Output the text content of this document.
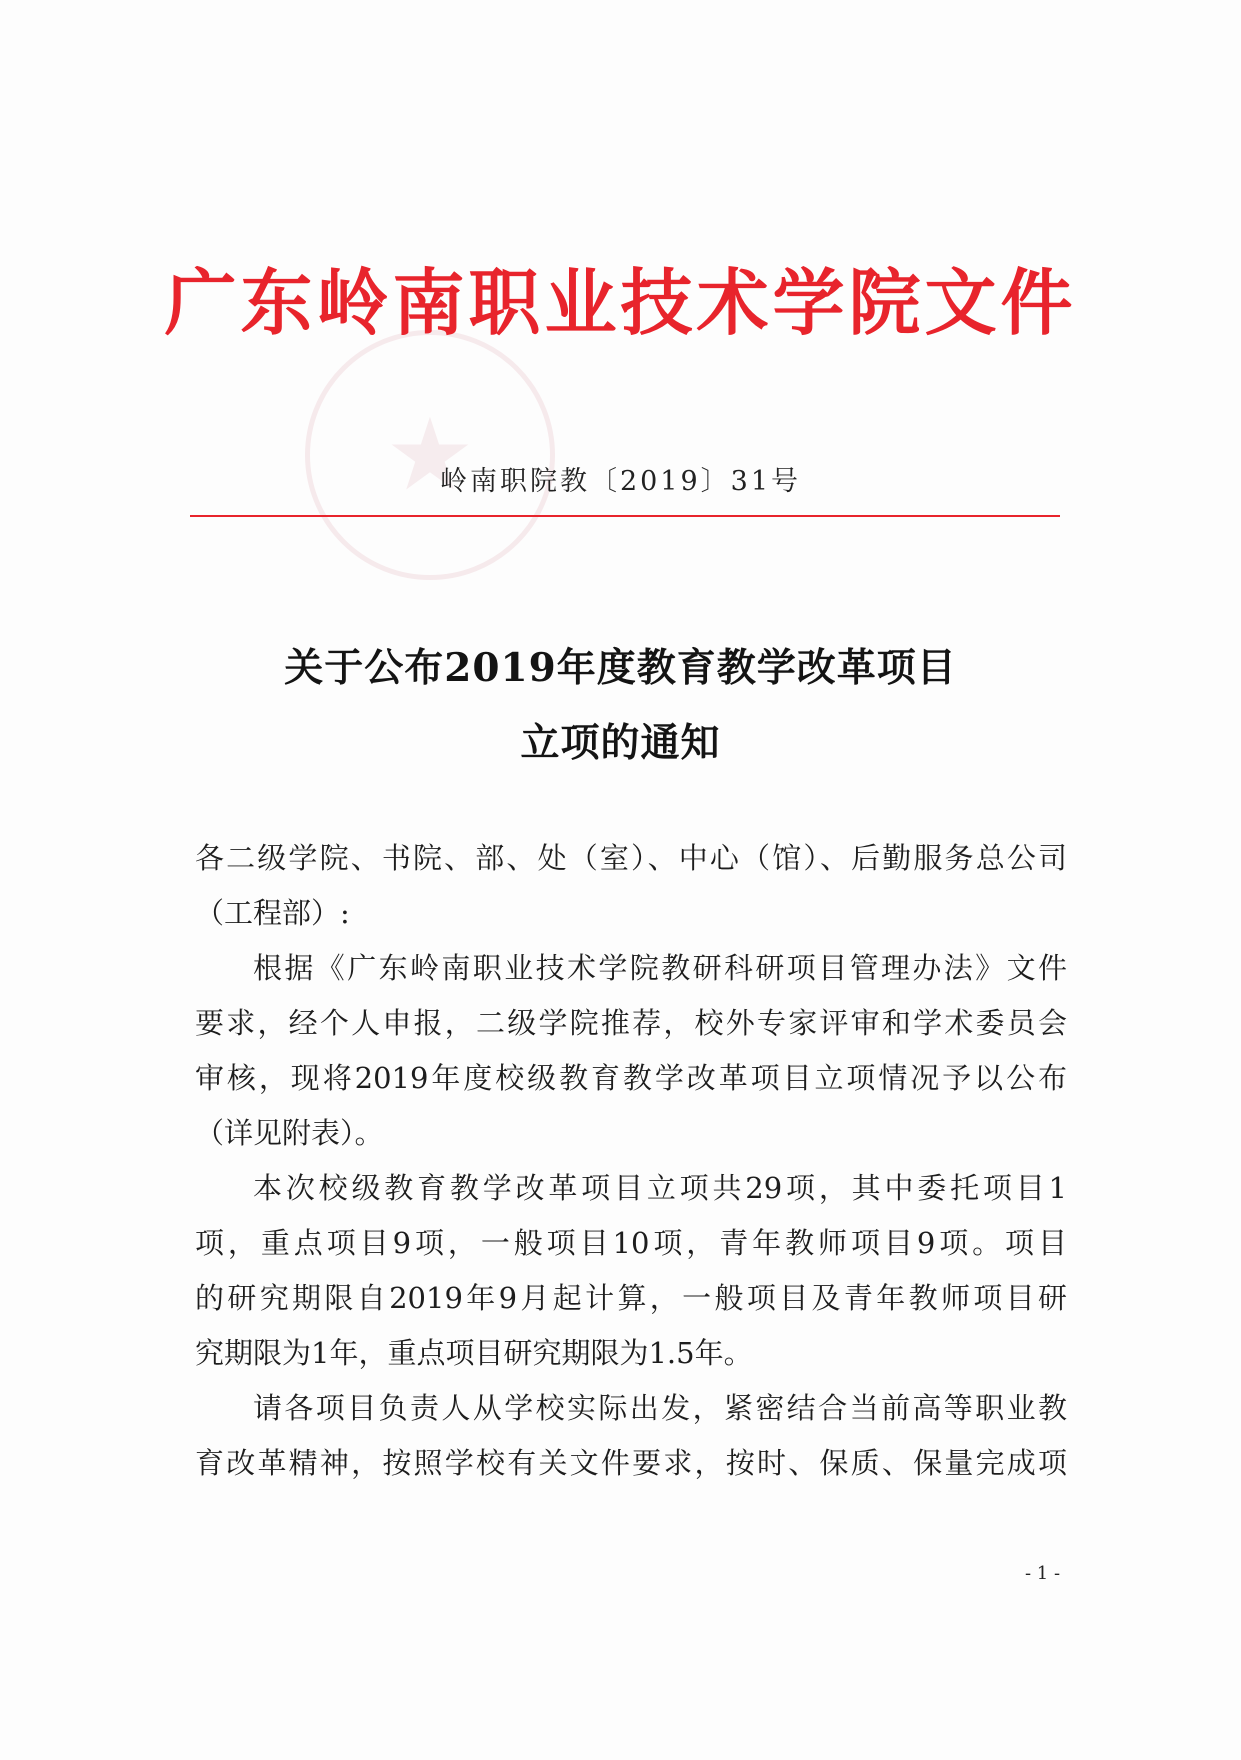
★
广东岭南职业技术学院文件
岭南职院教〔2019〕31号
关于公布2019年度教育教学改革项目
立项的通知
各二级学院、书院、部、处（室）、中心（馆）、后勤服务总公司
（工程部）:
根据《广东岭南职业技术学院教研科研项目管理办法》文件
要求，经个人申报，二级学院推荐，校外专家评审和学术委员会
审核，现将2019年度校级教育教学改革项目立项情况予以公布
（详见附表）。
本次校级教育教学改革项目立项共29项，其中委托项目1
项，重点项目9项，一般项目10项，青年教师项目9项。项目
的研究期限自2019年9月起计算，一般项目及青年教师项目研
究期限为1年，重点项目研究期限为1.5年。
请各项目负责人从学校实际出发，紧密结合当前高等职业教
育改革精神，按照学校有关文件要求，按时、保质、保量完成项
- 1 -
